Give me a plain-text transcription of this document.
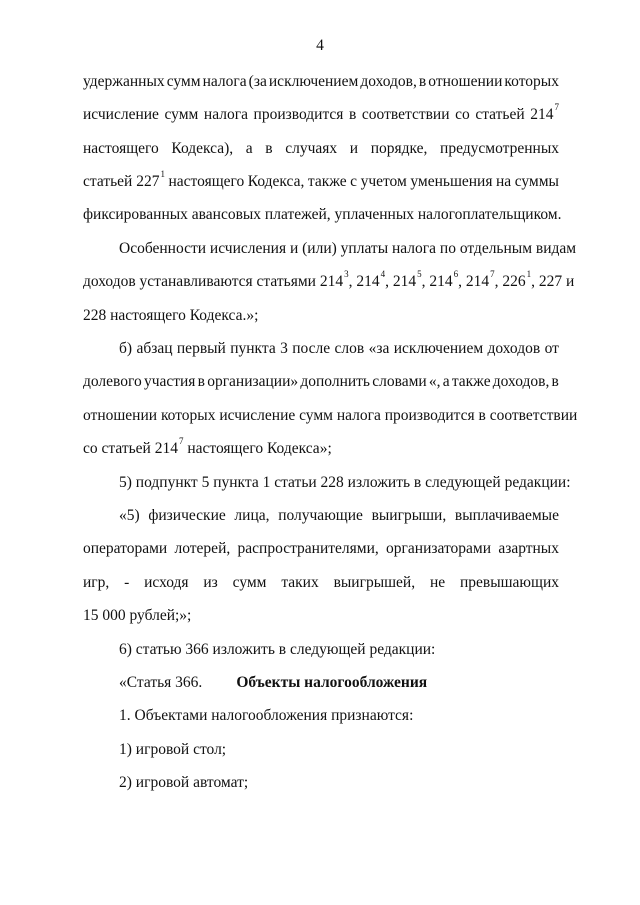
4
удержанных сумм налога (за исключением доходов, в отношении которых
исчисление сумм налога производится в соответствии со статьей $214^7$
настоящего Кодекса), а в случаях и порядке, предусмотренных
статьей $227^1$ настоящего Кодекса, также с учетом уменьшения на суммы
фиксированных авансовых платежей, уплаченных налогоплательщиком.
Особенности исчисления и (или) уплаты налога по отдельным видам
доходов устанавливаются статьями $214^3$, $214^4$, $214^5$, $214^6$, $214^7$, $226^1$, 227 и
228 настоящего Кодекса.»;
б) абзац первый пункта 3 после слов «за исключением доходов от
долевого участия в организации» дополнить словами «, а также доходов, в
отношении которых исчисление сумм налога производится в соответствии
со статьей $214^7$ настоящего Кодекса»;
5) подпункт 5 пункта 1 статьи 228 изложить в следующей редакции:
«5) физические лица, получающие выигрыши, выплачиваемые
операторами лотерей, распространителями, организаторами азартных
игр, - исходя из сумм таких выигрышей, не превышающих
15 000 рублей;»;
6) статью 366 изложить в следующей редакции:
«Статья 366. Объекты налогообложения
1. Объектами налогообложения признаются:
1) игровой стол;
2) игровой автомат;
